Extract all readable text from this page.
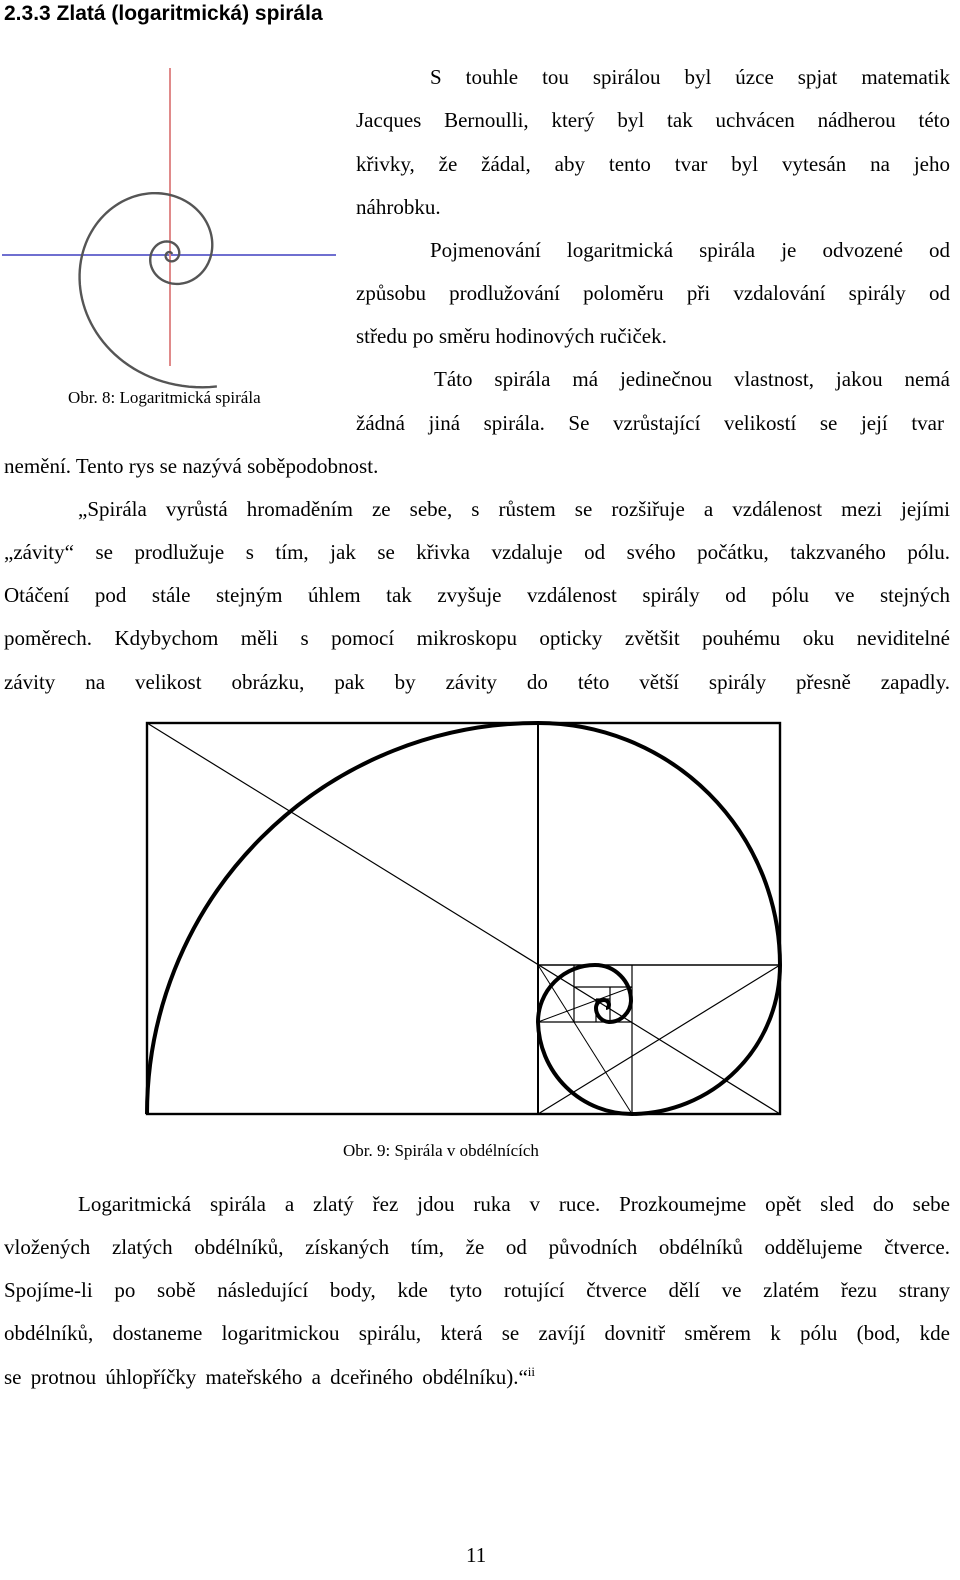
2.3.3 Zlatá (logaritmická) spirála
Obr. 8: Logaritmická spirála
S touhle tou spirálou byl úzce spjat matematik
Jacques Bernoulli, který byl tak uchvácen nádherou této
křivky, že žádal, aby tento tvar byl vytesán na jeho
náhrobku.
Pojmenování logaritmická spirála je odvozené od
způsobu prodlužování poloměru při vzdalování spirály od
středu po směru hodinových ručiček.
Táto spirála má jedinečnou vlastnost, jakou nemá
žádná jiná spirála. Se vzrůstající velikostí se její tvar
nemění. Tento rys se nazývá soběpodobnost.
„Spirála vyrůstá hromaděním ze sebe, s růstem se rozšiřuje a vzdálenost mezi jejími
„závity“ se prodlužuje s tím, jak se křivka vzdaluje od svého počátku, takzvaného pólu.
Otáčení pod stále stejným úhlem tak zvyšuje vzdálenost spirály od pólu ve stejných
poměrech. Kdybychom měli s pomocí mikroskopu opticky zvětšit pouhému oku neviditelné
závity na velikost obrázku, pak by závity do této větší spirály přesně zapadly.
Obr. 9: Spirála v obdélnících
Logaritmická spirála a zlatý řez jdou ruka v ruce. Prozkoumejme opět sled do sebe
vložených zlatých obdélníků, získaných tím, že od původních obdélníků oddělujeme čtverce.
Spojíme-li po sobě následující body, kde tyto rotující čtverce dělí ve zlatém řezu strany
obdélníků, dostaneme logaritmickou spirálu, která se zavíjí dovnitř směrem k pólu (bod, kde
se protnou úhlopříčky mateřského a dceřiného obdélníku).“$^{ii}$
11
